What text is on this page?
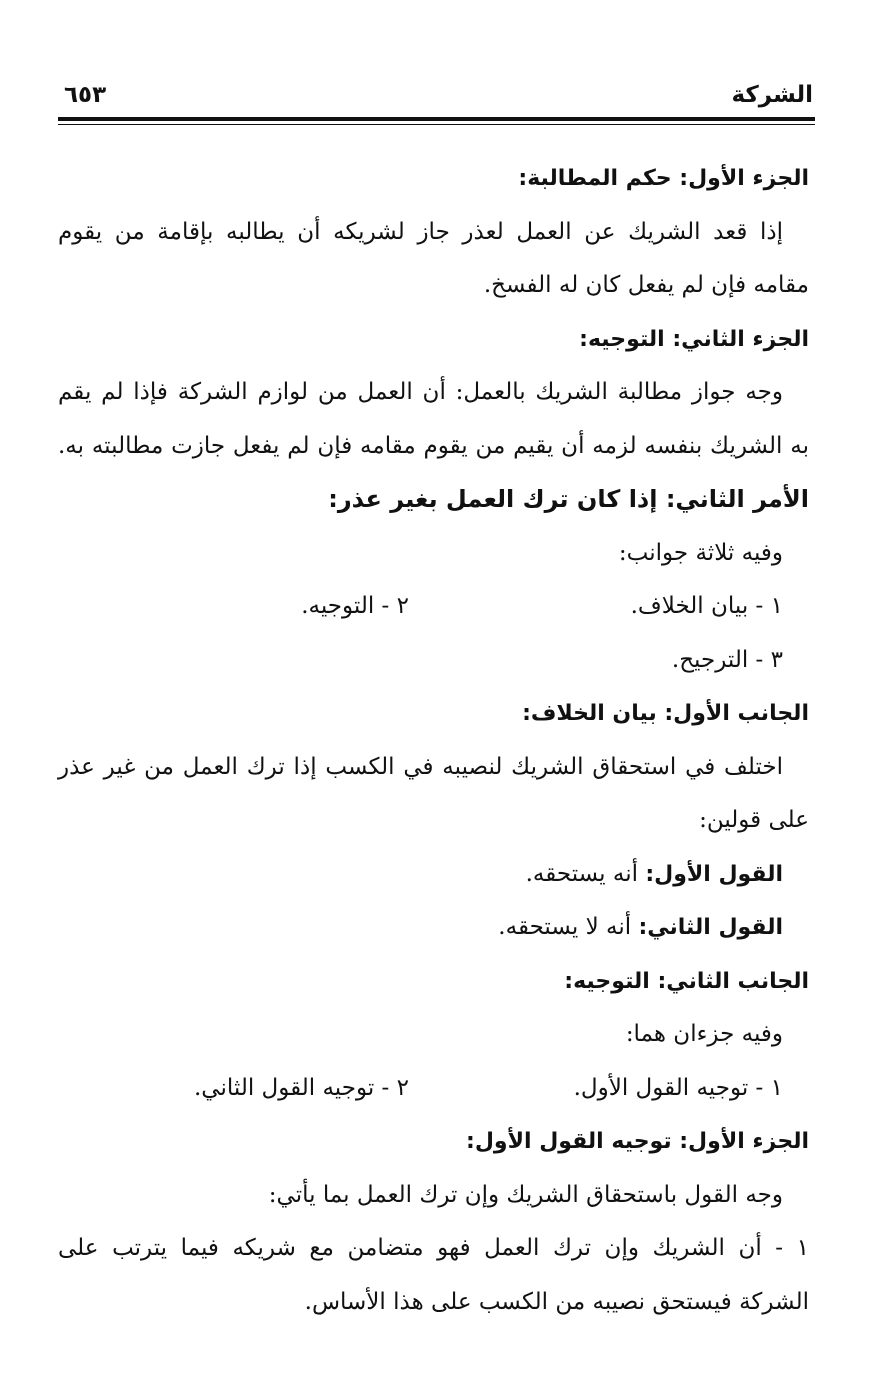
الشركة
٦٥٣
الجزء الأول: حكم المطالبة:
إذا قعد الشريك عن العمل لعذر جاز لشريكه أن يطالبه بإقامة من يقوم
مقامه فإن لم يفعل كان له الفسخ.
الجزء الثاني: التوجيه:
وجه جواز مطالبة الشريك بالعمل: أن العمل من لوازم الشركة فإذا لم يقم
به الشريك بنفسه لزمه أن يقيم من يقوم مقامه فإن لم يفعل جازت مطالبته به.
الأمر الثاني: إذا كان ترك العمل بغير عذر:
وفيه ثلاثة جوانب:
١ - بيان الخلاف.
٢ - التوجيه.
٣ - الترجيح.
الجانب الأول: بيان الخلاف:
اختلف في استحقاق الشريك لنصيبه في الكسب إذا ترك العمل من غير عذر
على قولين:
القول الأول: أنه يستحقه.
القول الثاني: أنه لا يستحقه.
الجانب الثاني: التوجيه:
وفيه جزءان هما:
١ - توجيه القول الأول.
٢ - توجيه القول الثاني.
الجزء الأول: توجيه القول الأول:
وجه القول باستحقاق الشريك وإن ترك العمل بما يأتي:
١ - أن الشريك وإن ترك العمل فهو متضامن مع شريكه فيما يترتب على
الشركة فيستحق نصيبه من الكسب على هذا الأساس.
